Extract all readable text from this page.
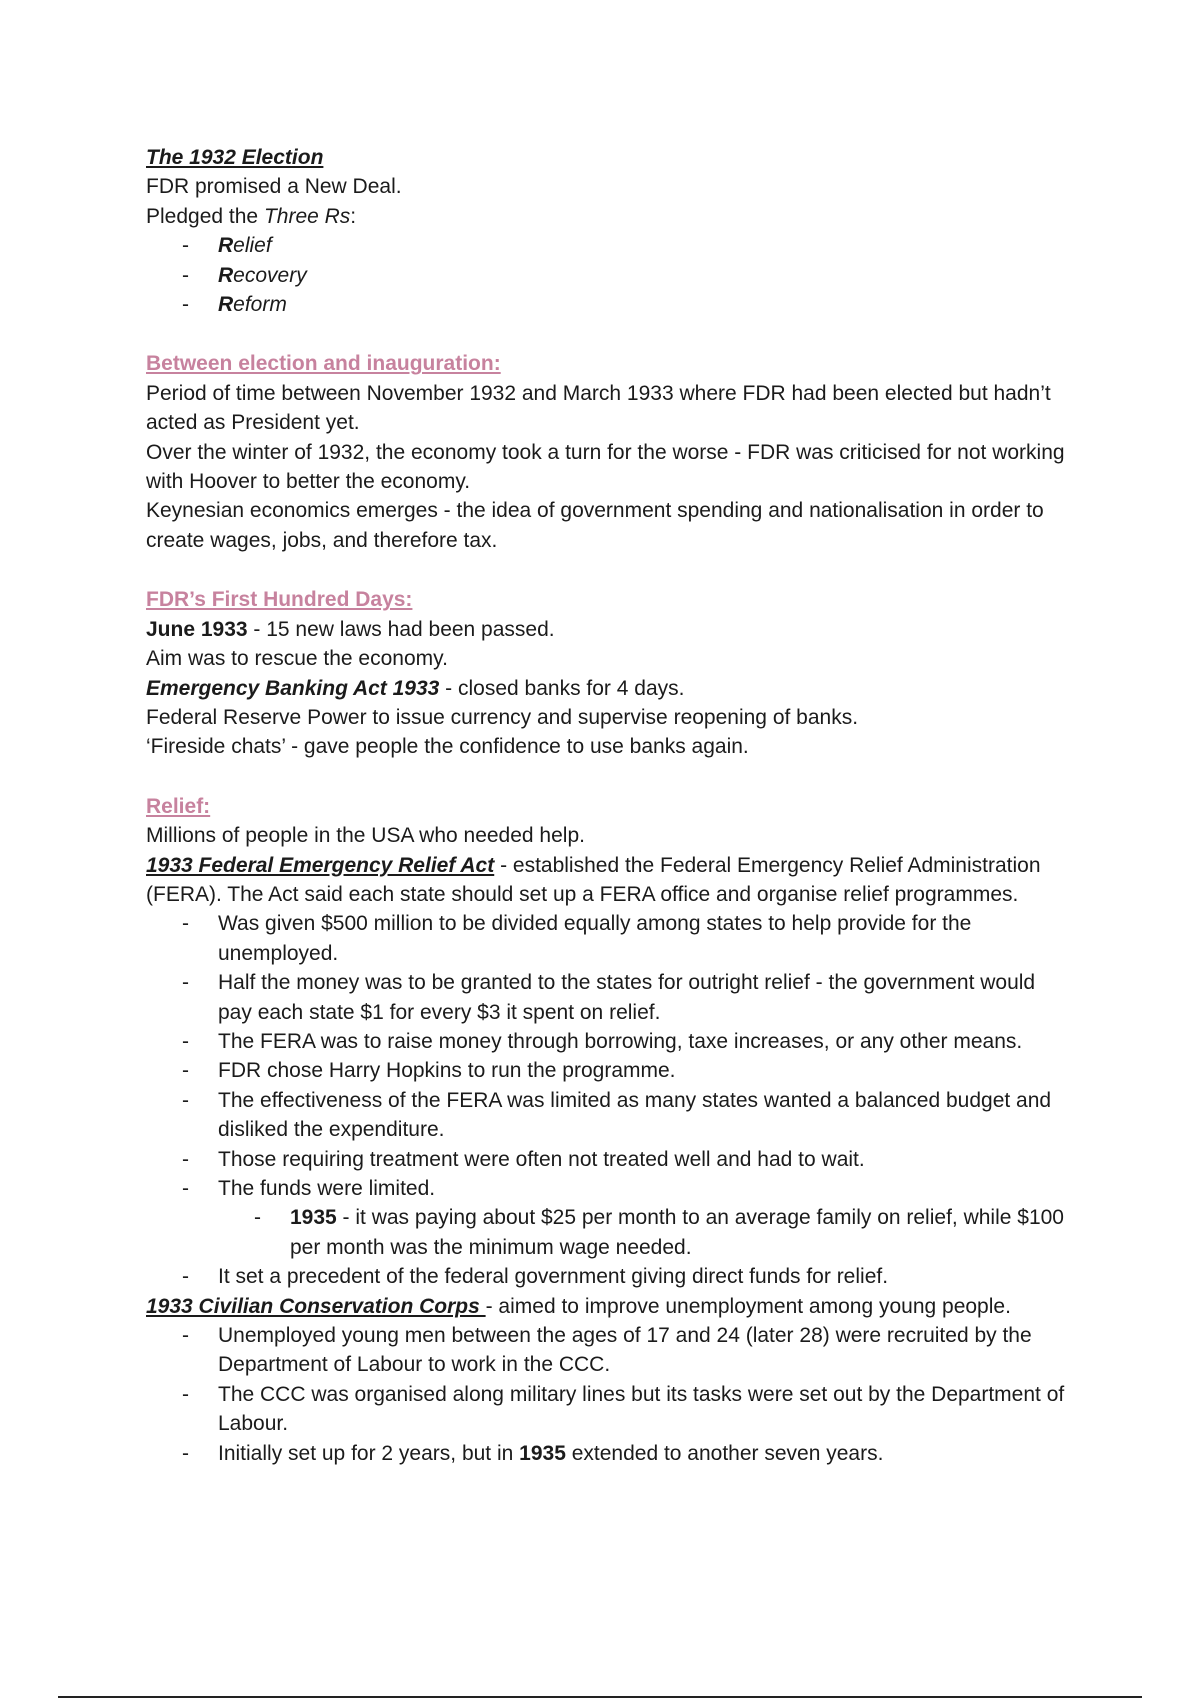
The 1932 Election

FDR promised a New Deal.

Pledged the Three Rs:

- Relief
- Recovery
- Reform

Between election and inauguration:

Period of time between November 1932 and March 1933 where FDR had been elected but hadn’t acted as President yet.

Over the winter of 1932, the economy took a turn for the worse - FDR was criticised for not working with Hoover to better the economy.

Keynesian economics emerges - the idea of government spending and nationalisation in order to create wages, jobs, and therefore tax.

FDR’s First Hundred Days:

June 1933 - 15 new laws had been passed.

Aim was to rescue the economy.

Emergency Banking Act 1933 - closed banks for 4 days.

Federal Reserve Power to issue currency and supervise reopening of banks.

‘Fireside chats’ - gave people the confidence to use banks again.

Relief:

Millions of people in the USA who needed help.

1933 Federal Emergency Relief Act - established the Federal Emergency Relief Administration (FERA). The Act said each state should set up a FERA office and organise relief programmes.

- Was given $500 million to be divided equally among states to help provide for the unemployed.
- Half the money was to be granted to the states for outright relief - the government would pay each state $1 for every $3 it spent on relief.
- The FERA was to raise money through borrowing, taxe increases, or any other means.
- FDR chose Harry Hopkins to run the programme.
- The effectiveness of the FERA was limited as many states wanted a balanced budget and disliked the expenditure.
- Those requiring treatment were often not treated well and had to wait.
- The funds were limited.
- 1935 - it was paying about $25 per month to an average family on relief, while $100 per month was the minimum wage needed.
- It set a precedent of the federal government giving direct funds for relief.

1933 Civilian Conservation Corps - aimed to improve unemployment among young people.

- Unemployed young men between the ages of 17 and 24 (later 28) were recruited by the Department of Labour to work in the CCC.
- The CCC was organised along military lines but its tasks were set out by the Department of Labour.
- Initially set up for 2 years, but in 1935 extended to another seven years.
